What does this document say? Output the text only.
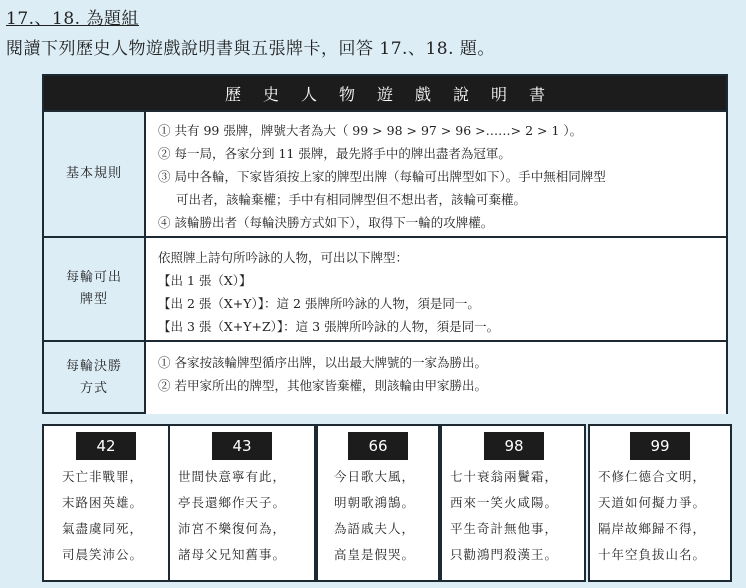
17.、18. 為題組
閱讀下列歷史人物遊戲說明書與五張牌卡，回答 17.、18. 題。
歷史人物遊戲說明書
基本規則
① 共有 99 張牌，牌號大者為大（ 99 > 98 > 97 > 96 >……> 2 > 1 ）。
② 每一局，各家分到 11 張牌，最先將手中的牌出盡者為冠軍。
③ 局中各輪，下家皆須按上家的牌型出牌（每輪可出牌型如下）。手中無相同牌型
可出者，該輪棄權；手中有相同牌型但不想出者，該輪可棄權。
④ 該輪勝出者（每輪決勝方式如下），取得下一輪的攻牌權。
每輪可出
牌型
依照牌上詩句所吟詠的人物，可出以下牌型：
【出 1 張（X）】
【出 2 張（X+Y）】：這 2 張牌所吟詠的人物，須是同一。
【出 3 張（X+Y+Z）】：這 3 張牌所吟詠的人物，須是同一。
每輪決勝
方式
① 各家按該輪牌型循序出牌，以出最大牌號的一家為勝出。
② 若甲家所出的牌型，其他家皆棄權，則該輪由甲家勝出。
42
天亡非戰罪，
末路困英雄。
氣盡虞同死，
司晨笑沛公。
43
世間快意寧有此，
亭長還鄉作天子。
沛宮不樂復何為，
諸母父兄知舊事。
66
今日歌大風，
明朝歌鴻鵠。
為語戚夫人，
高皇是假哭。
98
七十衰翁兩鬢霜，
西來一笑火咸陽。
平生奇計無他事，
只勸鴻門殺漢王。
99
不修仁德合文明，
天道如何擬力爭。
隔岸故鄉歸不得，
十年空負拔山名。
